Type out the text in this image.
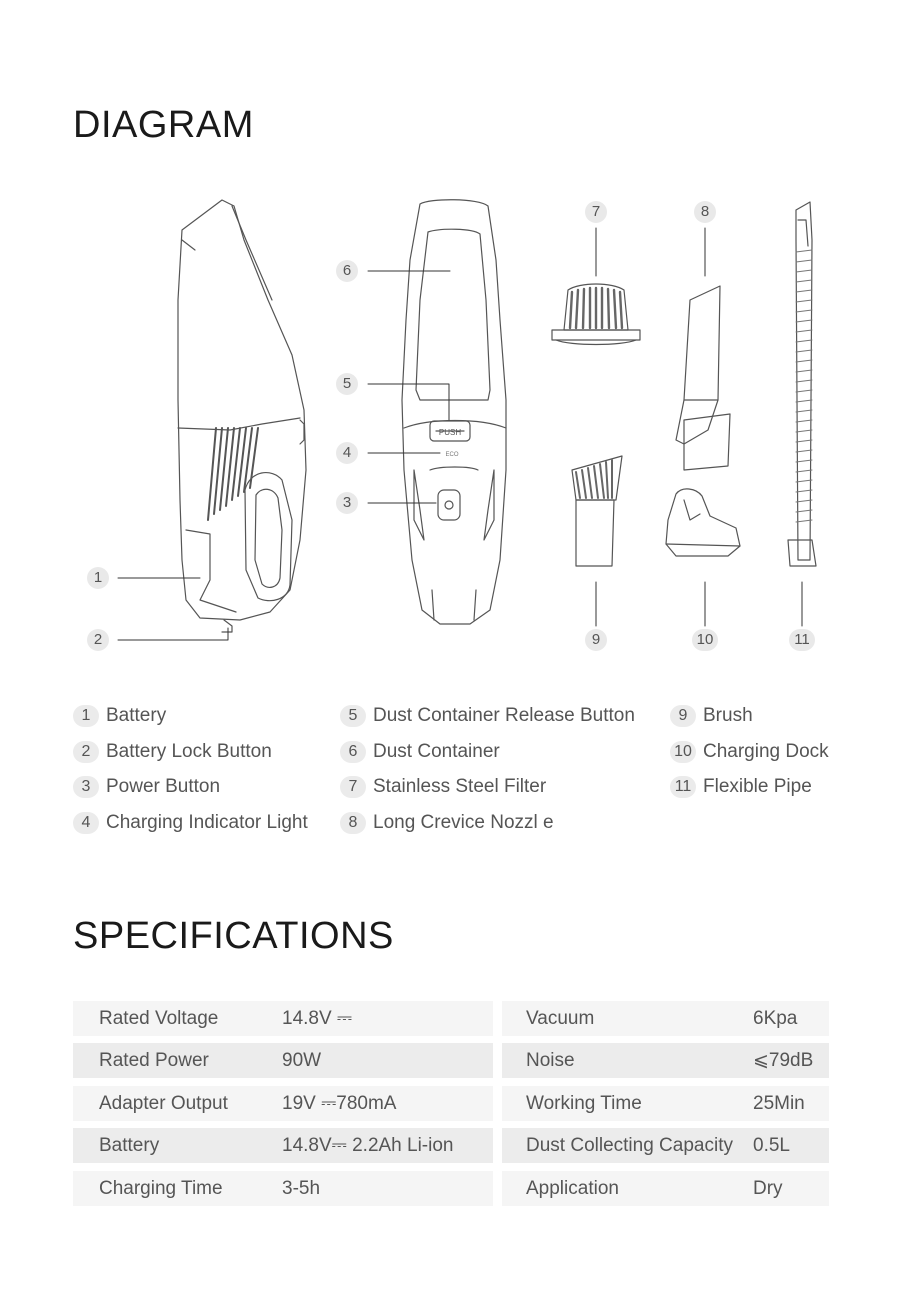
DIAGRAM
PUSH
ECO
1
2
3
4
5
6
7	8
9	10	11
1 Battery
2 Battery Lock Button
3 Power Button
4 Charging Indicator Light
5 Dust Container Release Button
6 Dust Container
7 Stainless Steel Filter
8 Long Crevice Nozzl e
9 Brush
10 Charging Dock
11 Flexible Pipe
SPECIFICATIONS
Rated Voltage	14.8V ⎓
Rated Power	90W
Adapter Output	19V ⎓780mA
Battery	14.8V⎓ 2.2Ah Li-ion
Charging Time	3-5h
Vacuum	6Kpa
Noise	⩽79dB
Working Time	25Min
Dust Collecting Capacity 0.5L
Application	Dry
